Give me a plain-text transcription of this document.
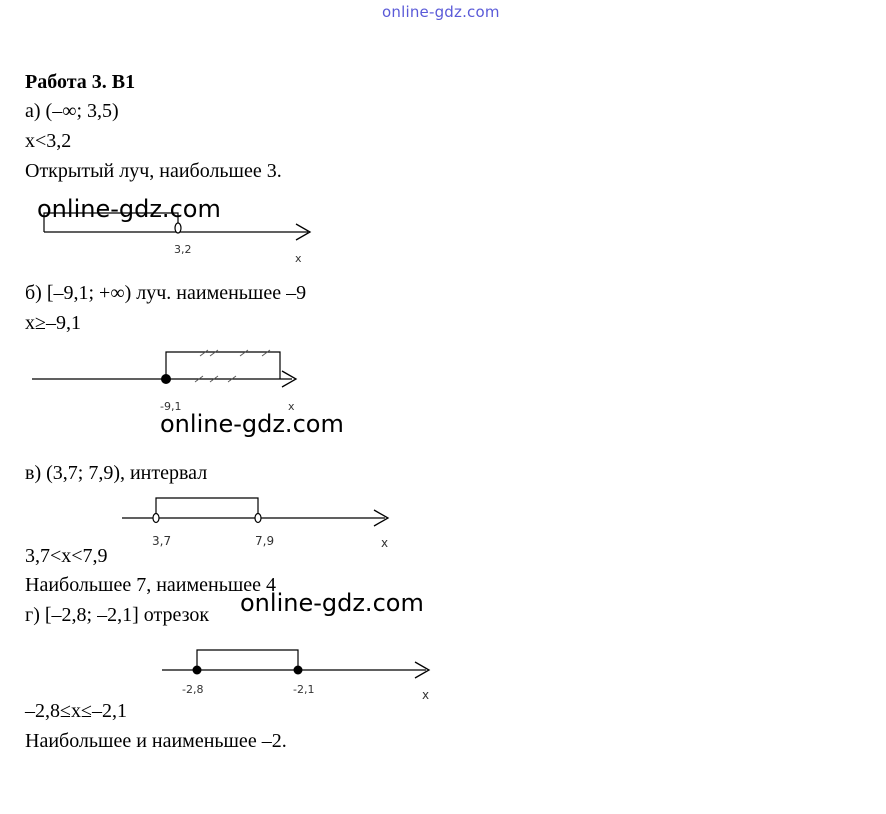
online-gdz.com
Работа 3. В1
а) (–∞; 3,5)
x<3,2
Открытый луч, наибольшее 3.
3,2
x
online-gdz.com
б) [–9,1; +∞) луч. наименьшее –9
x≥–9,1
-9,1	x
online-gdz.com
в) (3,7; 7,9), интервал
3,7	7,9	x
3,7<x<7,9
Наибольшее 7, наименьшее 4
г) [–2,8; –2,1] отрезок online-gdz.com
-2,8	-2,1	x
–2,8≤x≤–2,1
Наибольшее и наименьшее –2.
